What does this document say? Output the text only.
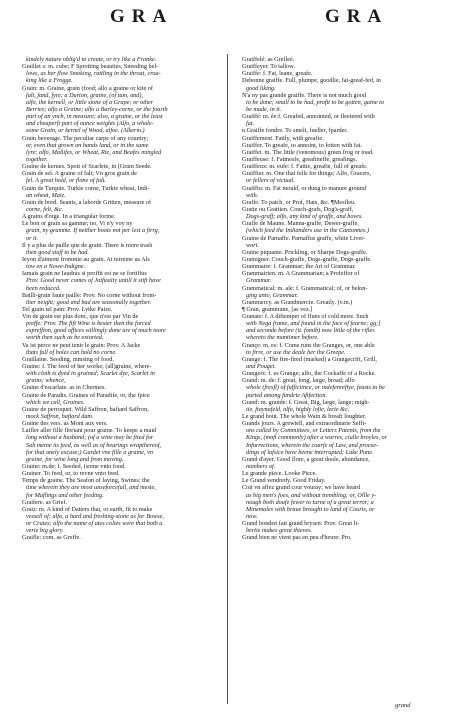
GRA	GRA
kindely nature oblig'd to create, or try like a Franke.
Graillet s: m. cube; F Sprotting beauties, Sneeding bel-
lows, as ber flow Smoking, rattling in the throat, croa-
king like a Frogge.
Grain: m. Graine, grain (food; allo a graine or kite of
falt, fand, fyre; a Durton, graine, (of tum, and),
alfo, the kernell, or little stone of a Grape; or other
Berries; alfo a Graine; alfo a Barley-corne, or the fourth
part of an ynch, in measure; also, a graine, or the least
and cheaperft part of ounce weights (Alfo, a whole-
some Grain, or kernel of Wood, alfoe. (Alkerm.)
Grain beverage. The peculiar carpe of any country;
or, even that grown on hands land, or in the same
lyre; alfo, Mallifes, or Wheat, Rie, and Beafes mingled
together.
Graine de kerues. Spott of Scarlete, in (Grain Seede.
Grain de sel. A graine of falt; Vn gros grain de
fel. A great hold, or flone of falt.
Grain de Turquie. Turkie corne, Turkie wheat, Indi-
an wheat, Maiz.
Grain de bord. Seants, a laborde Gritten, measure of
corne, felt, &c.
A grains d'orge. In a triangular forme.
Le bon or grain sa gamme; no, Vi n'y voy ny
grain, ny gramme. If neither boots not per lest a firrg,
or it.
Il y a plus de paille que de grain. There is more trash
then good stuff to be had.
Ieyon d'aimont frommie au grain. At terreine us Als
tow en a Nowe-Indigne.
Iamais grain ne Iaudras si proffit est ne se fortifius
Prov. Good never comes of Jaifustity untill it stift have
been reduced.
Bailli-grain faute paille: Prov. No corne without from-
ther neight; good and bad are seasonally together.
Tel grain tel pain: Prov. Lytke Paize.
Vin de grain est plus donc, que n'est par Vin de
preffe: Prov. The fift Wine is bester then the forced
expreffion, good offices willingly done are of much more
worth then such as be extorted.
Va ist perce ne peut tenir le grain: Prov. A Jacke
thats full of holes can hold no corne.
Graillaine. Seeding, mmsing of food.
Graine: f. The feed of her worke; (all)graine, where-
with cloth is dyed in grained; Scarlet dye, Scarlet in
grains; whence,
Graine d'escarlate. as in Chermes.
Graine de Paradis. Graines of Paradife, or, the fpice
which we call, Graines.
Graine de perroquet. Wild Saffron, baftard Saffron,
mock Saffron, baftard dam.
Graine des vers. as Mont aux vers.
Laifler aller fille floriant pour graine. To keepe a maid
long without a husband; (of a wine may be fited for
Sah metne its feed, as well as of bearings wrapthereof,
for that onely excuse;) Gardet vne fille a graine, vn
graine, for wine long and from moving.
Graine: m.de; f. Seeded, (some vnto food.
Grainer. To feed, or, to revne vnto feed.
Temps de graine. The Seafon of laying, Swines; the
time wherein they are most unseforcefull, and meste,
for Maflings and other feeding.
Graifere. as Grief.
Graiz: m. A kind of Daiters that, or earth, fit to make
vessell of; alfo, a hard and freshing-stone as for Bowse,
or Crates; alfo the name of ates colies were that both a
verie big glory.
Graifle: com. as Greffe.
Graiffelé: as Grefleé.
Graiffeyer. To tallow.
Graiffe: f. Fat, leane, greafe.
Debonne graiffe. Full, plumpe, goodlie, fat-greaf-fed, in
good liking.
N'a ny pas grande graiffe. There is not much good
to be done; small to be had, profit to be gotten, gaine to
be made, in it.
Graiffé: m. ée:f. Greafed, annointed, or fleetered with
fat.
n.Graiffe fondre. To smelt, fueller, fparder.
Graiffement. Fattly, with greafie.
Graiffer. To greafe, to annoint, to fotten with fat.
Graiffet. m. The little (venomous) green frog or toad.
Graiffeuse: f. Fattnesfe, greafineffe, greafings.
Graiffeux: m. eufe: f. Fattie, greafie, full of greafe.
Graiffier. m. One that fells for things; Alfo, Gracers,
or fellers of victual.
Graiffiu: m. Fat mould, or dung to manure ground
with.
Graffe. To patch, or Prof, Hats, &c. ¶Mesfleu.
Gratte ou Grattien. Couch-grafs, Dog's-graff,
Dogs-graff; alfo, any kind of graffe, and hoves.
Graffe de Maune. Manna-graffe, Dewer-graffe,
(which feed the Indianders use in the Cantonnes.)
Graine de Parnaffe. Parnaffus graffe, white Liver-
wort.
Graine piquante. Prickling, or Sharpe Dogs-graffe.
Gramigner. Couch-graffe, Dogs-graffe, Dogs-graffe.
Grammaire: f. Grammar; the Art of Grammar.
Grammairien. m. A Grammarian; a Profeffor of
Grammar.
Grammatical: m. ale: f. Grammatical; of, or belon-
ging unto, Grammar.
Grammercy. as Grandmercie. Greatly. (v.m.)
¶ Gran, grammune, [as vez.]
Granate: f. A diftemper of ffues of cold more. Such
with Nega frame, and found in the face of fearne; gg;]
and seconde before (it. fomib) now little of the rifles
whereto the mantimer before.
Grançe: m. es: f. Come runs the Granges, or, one able
to firre, or use the deale her the Greepe.
Grange: f. The fire-fired (marked) a Grangecrift, Grill,
and Pouget.
Grangeix: f. es Grange; alfo, the Cockaffe of a Rocke.
Grand: m. de: f. great, long, large, broad; alfo
whole (fresfl) of fufficiince, or indefenreftye, feasts to be
parted among fundrie Aftfection.
Grand: m. grande: f. Great, Big, large, lange; migh-
tie, ftaynafeld, alfo, highly lofie, lecie &c.
Le grand bout. The whole Wain & breaft loughter.
Grands jours. A grewtell, and extraordinarie Seffi-
ons called by Committees, or Letters Patents, from the
Kings, (moft commonly) after a warres, ciulle broyles, or
Infurrections, wherein the courfe of Law, and procee-
dings of lufsice have beene interrupted; Luke Pune.
Grand d'ayer. Good flore, a great doole, abundance,
numbers of.
Le grande piece. Looke Piece.
Le Grand vendredy. Good Friday.
Coit vn affez grand cour vouray; we have heard
as big men's foes, and without trembling; or, Ollle y-
nough both doufe fewer to turne of a great terror; a
Minemales with braue brought to land of Courts, or
now.
Grand bonden fait grand brysen: Prov. Great li-
bertie makes great thieves.
Grand bien ne vient pas en peu d'heure: Pro.
grand
